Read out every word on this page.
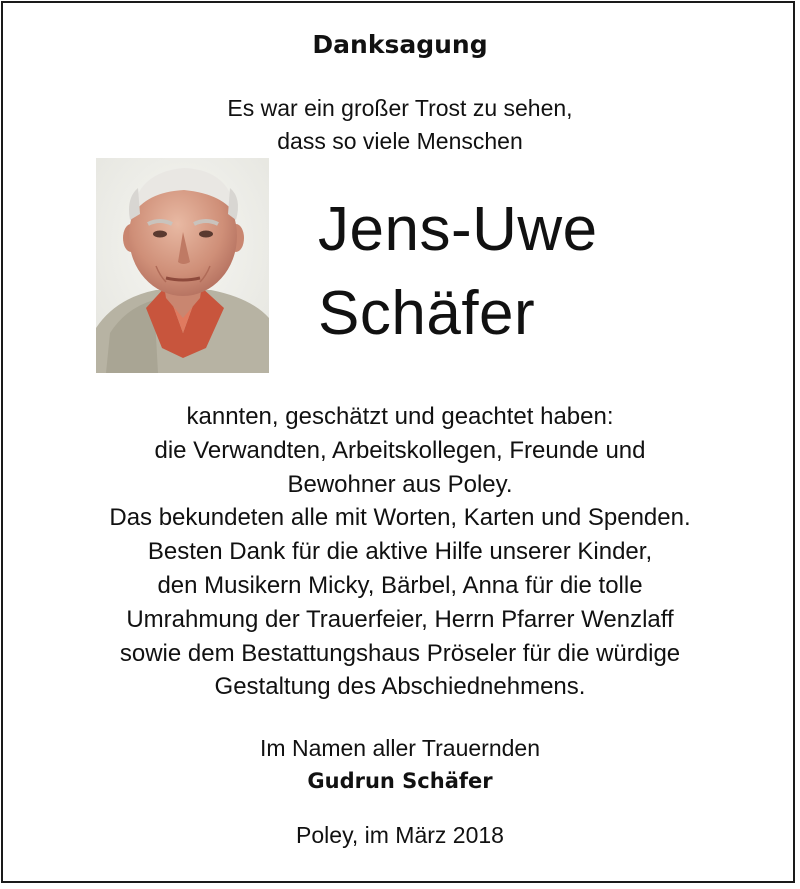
Danksagung
Es war ein großer Trost zu sehen,
dass so viele Menschen
Jens-Uwe
Schäfer
kannten, geschätzt und geachtet haben:
die Verwandten, Arbeitskollegen, Freunde und
Bewohner aus Poley.
Das bekundeten alle mit Worten, Karten und Spenden.
Besten Dank für die aktive Hilfe unserer Kinder,
den Musikern Micky, Bärbel, Anna für die tolle
Umrahmung der Trauerfeier, Herrn Pfarrer Wenzlaff
sowie dem Bestattungshaus Pröseler für die würdige
Gestaltung des Abschiednehmens.
Im Namen aller Trauernden
Gudrun Schäfer
Poley, im März 2018
